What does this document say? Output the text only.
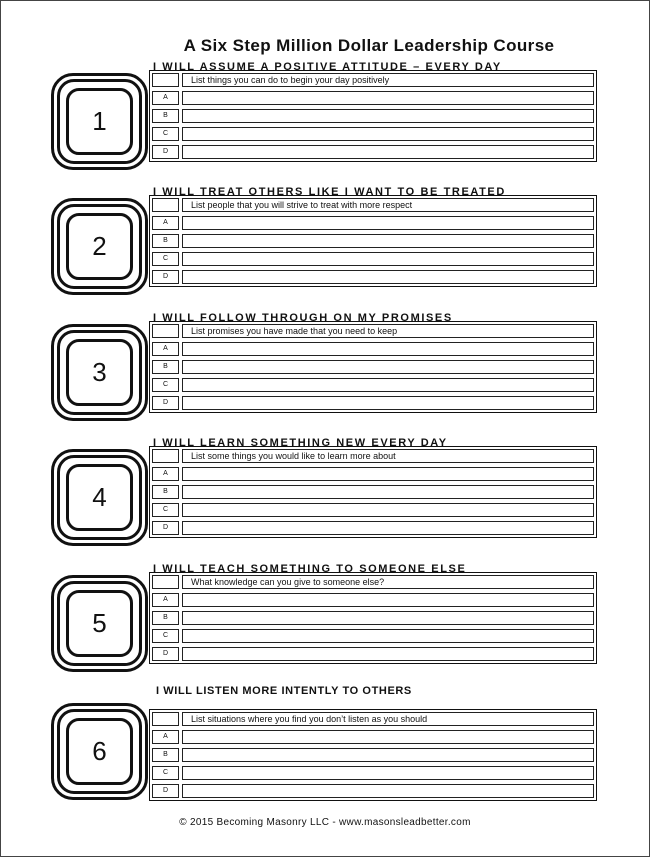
A Six Step Million Dollar Leadership Course
I WILL ASSUME A POSITIVE ATTITUDE – EVERY DAY
1
List things you can do to begin your day positively
A
B
C
D
I WILL TREAT OTHERS LIKE I WANT TO BE TREATED
2
List people that you will strive to treat with more respect
A
B
C
D
I WILL FOLLOW THROUGH ON MY PROMISES
3
List promises you have made that you need to keep
A
B
C
D
I WILL LEARN SOMETHING NEW EVERY DAY
4
List some things you would like to learn more about
A
B
C
D
I WILL TEACH SOMETHING TO SOMEONE ELSE
5
What knowledge can you give to someone else?
A
B
C
D
I WILL LISTEN MORE INTENTLY TO OTHERS
6
List situations where you find you don’t listen as you should
A
B
C
D
© 2015 Becoming Masonry LLC - www.masonsleadbetter.com
